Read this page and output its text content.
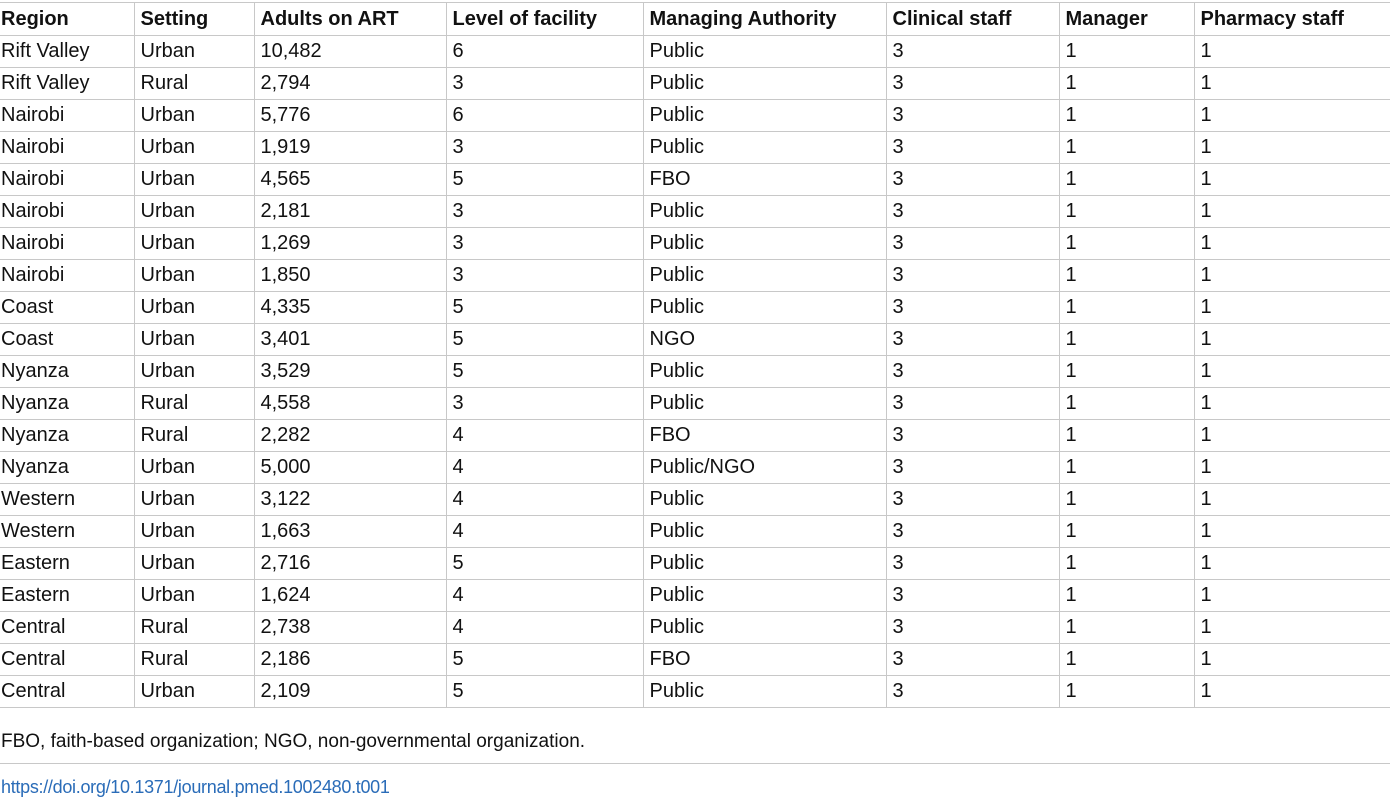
Region	Setting	Adults on ART	Level of facility	Managing Authority	Clinical staff	Manager	Pharmacy staff
Rift Valley	Urban	10,482	6	Public	3	1	1
Rift Valley	Rural	2,794	3	Public	3	1	1
Nairobi	Urban	5,776	6	Public	3	1	1
Nairobi	Urban	1,919	3	Public	3	1	1
Nairobi	Urban	4,565	5	FBO	3	1	1
Nairobi	Urban	2,181	3	Public	3	1	1
Nairobi	Urban	1,269	3	Public	3	1	1
Nairobi	Urban	1,850	3	Public	3	1	1
Coast	Urban	4,335	5	Public	3	1	1
Coast	Urban	3,401	5	NGO	3	1	1
Nyanza	Urban	3,529	5	Public	3	1	1
Nyanza	Rural	4,558	3	Public	3	1	1
Nyanza	Rural	2,282	4	FBO	3	1	1
Nyanza	Urban	5,000	4	Public/NGO	3	1	1
Western	Urban	3,122	4	Public	3	1	1
Western	Urban	1,663	4	Public	3	1	1
Eastern	Urban	2,716	5	Public	3	1	1
Eastern	Urban	1,624	4	Public	3	1	1
Central	Rural	2,738	4	Public	3	1	1
Central	Rural	2,186	5	FBO	3	1	1
Central	Urban	2,109	5	Public	3	1	1
FBO, faith-based organization; NGO, non-governmental organization.
https://doi.org/10.1371/journal.pmed.1002480.t001
